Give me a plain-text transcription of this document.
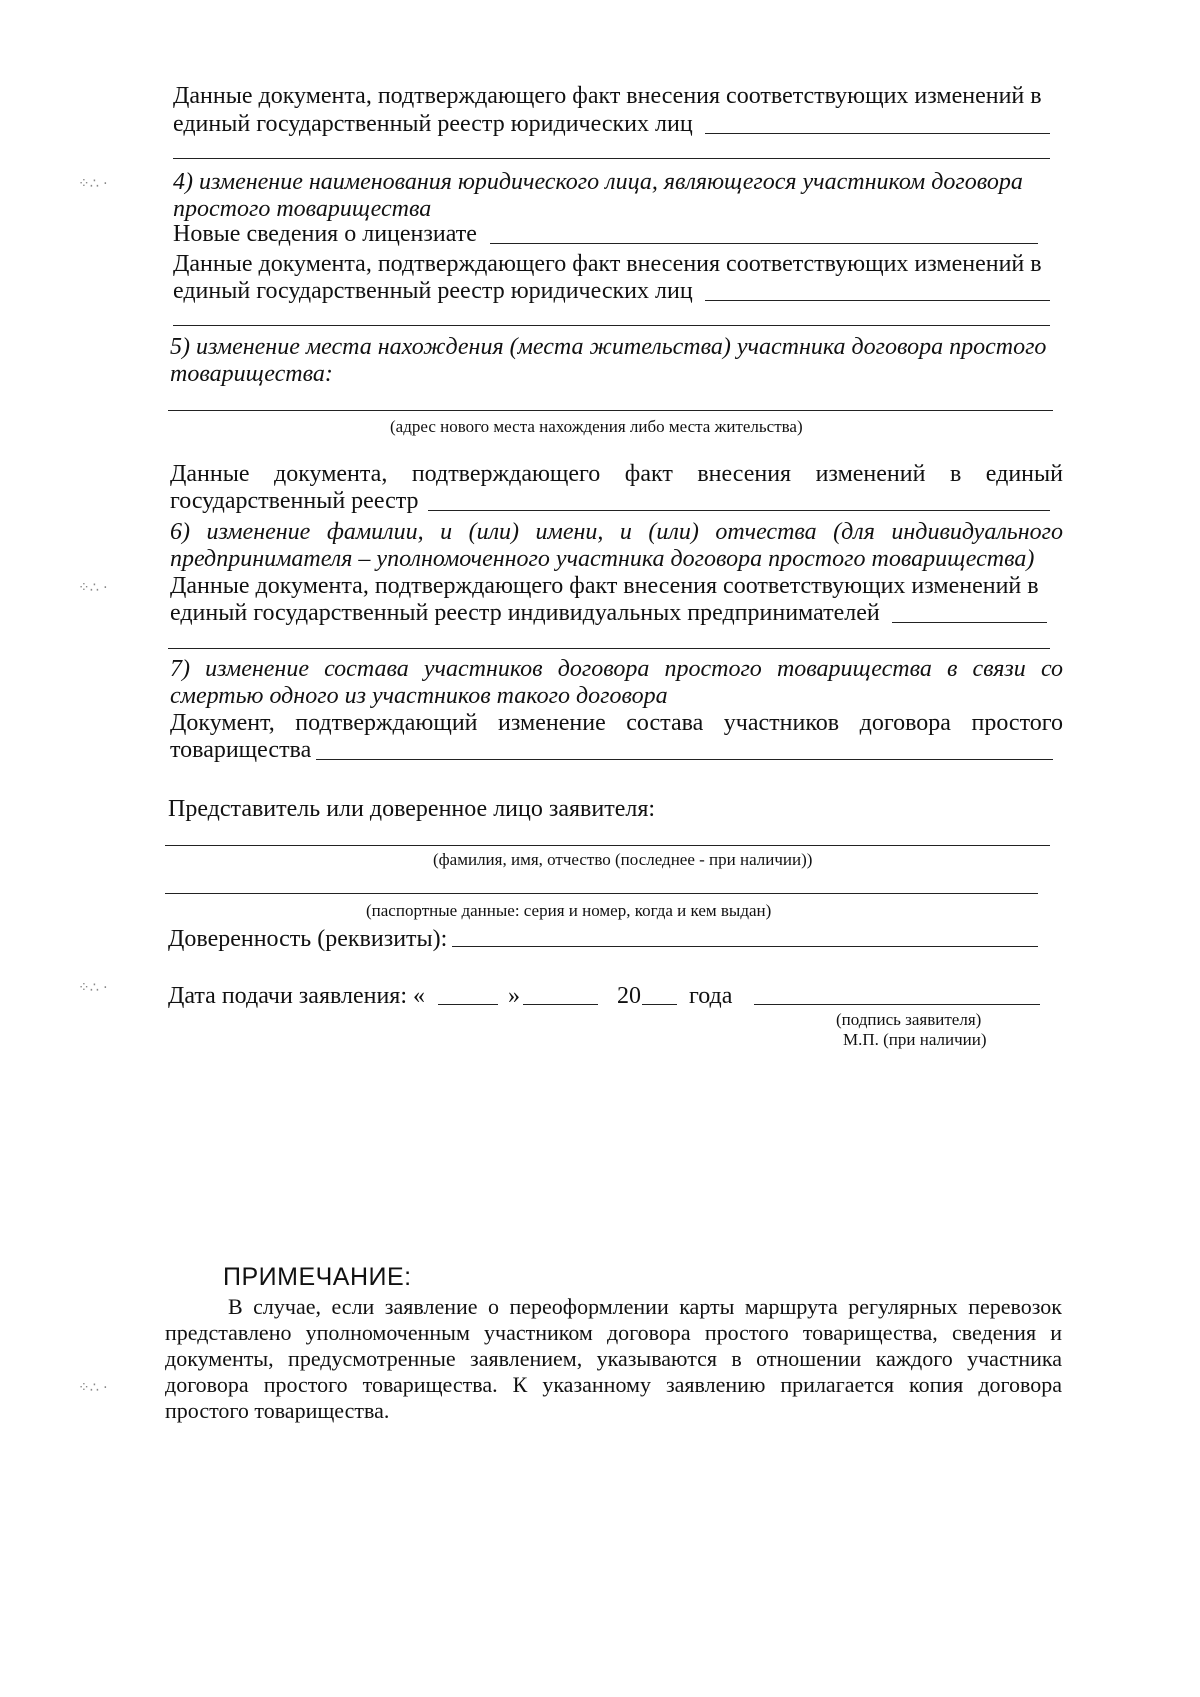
Данные документа, подтверждающего факт внесения соответствующих изменений в
единый государственный реестр юридических лиц
4) изменение наименования юридического лица, являющегося участником договора
простого товарищества
Новые сведения о лицензиате
Данные документа, подтверждающего факт внесения соответствующих изменений в
единый государственный реестр юридических лиц
5) изменение места нахождения (места жительства) участника договора простого
товарищества:
(адрес нового места нахождения либо места жительства)
Данные документа, подтверждающего факт внесения изменений в единый
государственный реестр
6) изменение фамилии, и (или) имени, и (или) отчества (для индивидуального
предпринимателя – уполномоченного участника договора простого товарищества)
Данные документа, подтверждающего факт внесения соответствующих изменений в
единый государственный реестр индивидуальных предпринимателей
7) изменение состава участников договора простого товарищества в связи со
смертью одного из участников такого договора
Документ, подтверждающий изменение состава участников договора простого
товарищества
Представитель или доверенное лицо заявителя:
(фамилия, имя, отчество (последнее - при наличии))
(паспортные данные: серия и номер, когда и кем выдан)
Доверенность (реквизиты):
Дата подачи заявления: «	»	20 года
(подпись заявителя)
М.П. (при наличии)
ПРИМЕЧАНИЕ:

В случае, если заявление о переоформлении карты маршрута регулярных перевозок

представлено уполномоченным участником договора простого товарищества, сведения и

документы, предусмотренные заявлением, указываются в отношении каждого участника

договора простого товарищества. К указанному заявлению прилагается копия договора

простого товарищества.

⁘∴ ·
⁘∴ ·
⁘∴ ·
⁘∴ ·
